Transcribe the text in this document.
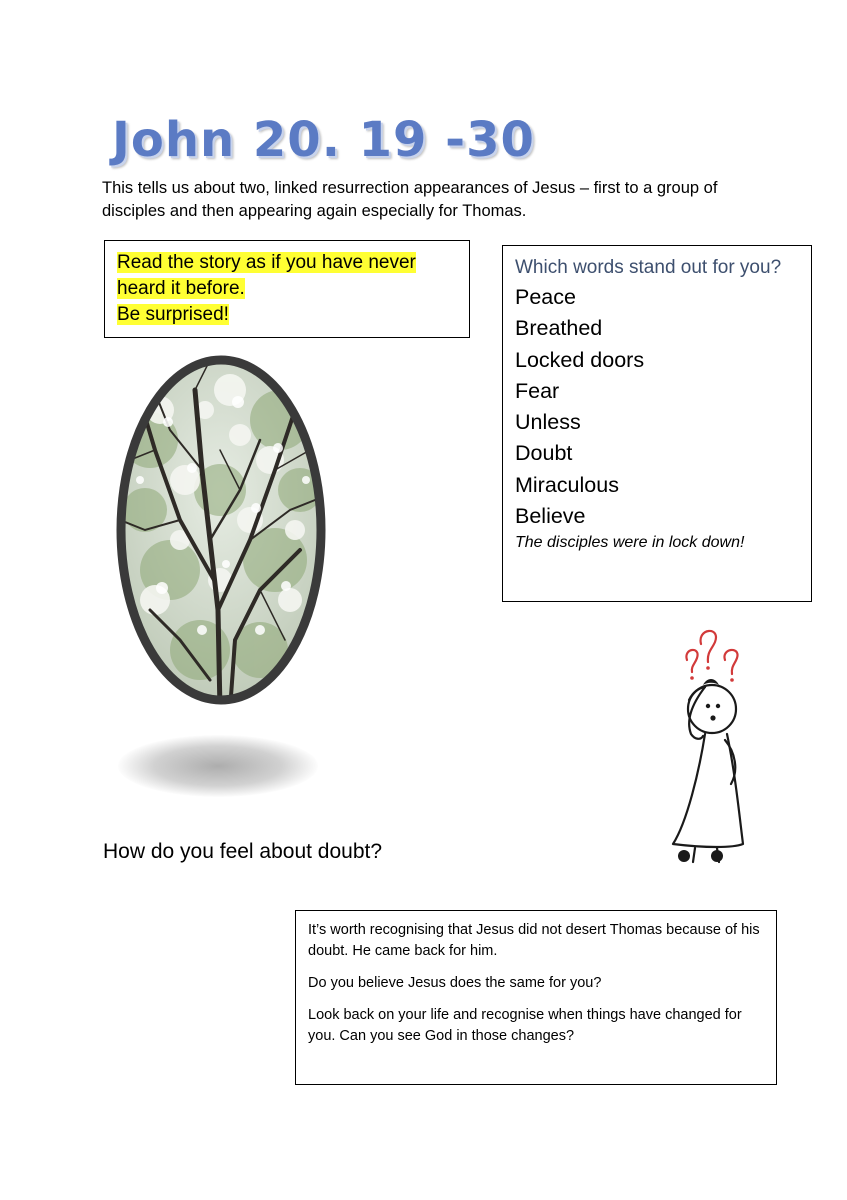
John 20. 19 -30

This tells us about two, linked resurrection appearances of Jesus – first to a group of disciples and then appearing again especially for Thomas.

Read the story as if you have never
heard it before.
Be surprised!

Which words stand out for you?

Peace
Breathed
Locked doors
Fear
Unless
Doubt
Miraculous
Believe
The disciples were in lock down!
How do you feel about doubt?

It’s worth recognising that Jesus did not desert Thomas because of his doubt. He came back for him.

Do you believe Jesus does the same for you?

Look back on your life and recognise when things have changed for you. Can you see God in those changes?
